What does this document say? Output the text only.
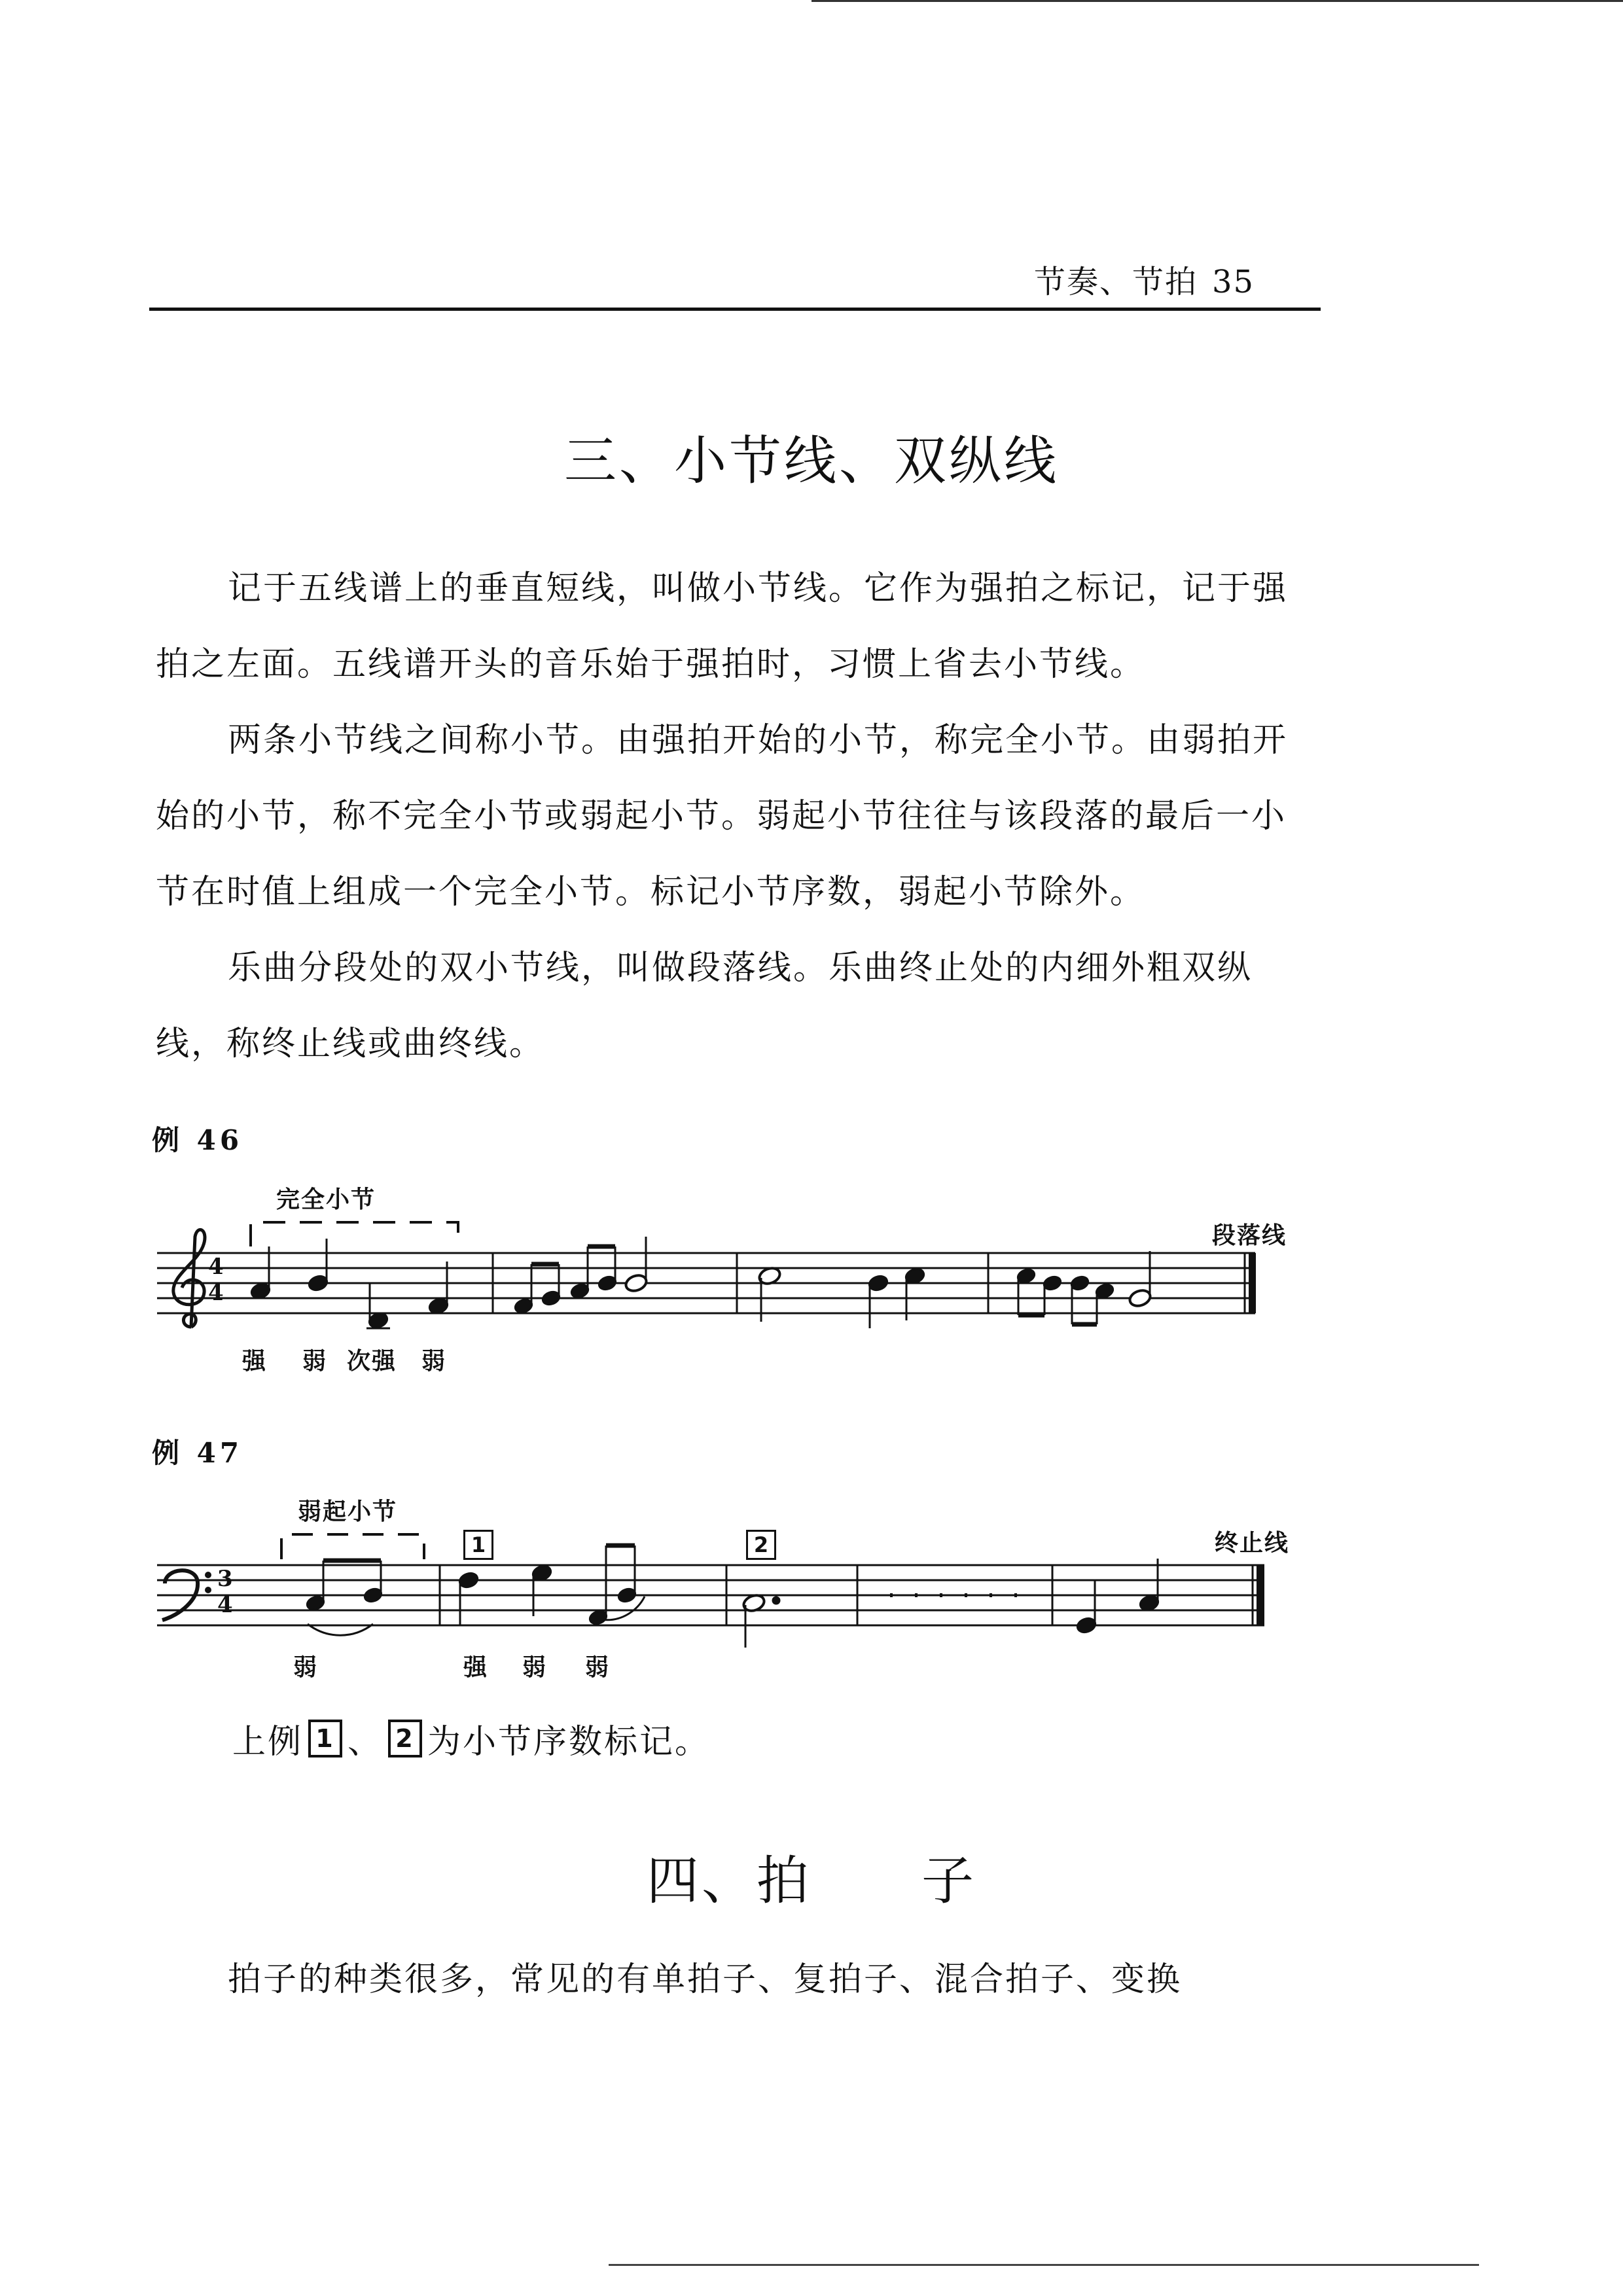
节奏、节拍 35
三、小节线、双纵线

记于五线谱上的垂直短线，叫做小节线。它作为强拍之标记，记于强拍之左面。五线谱开头的音乐始于强拍时，习惯上省去小节线。

两条小节线之间称小节。由强拍开始的小节，称完全小节。由弱拍开始的小节，称不完全小节或弱起小节。弱起小节往往与该段落的最后一小节在时值上组成一个完全小节。标记小节序数，弱起小节除外。

乐曲分段处的双小节线，叫做段落线。乐曲终止处的内细外粗双纵线，称终止线或曲终线。

例 46
完全小节
段落线
强 弱 次强 弱
4
4
例 47
弱起小节
终止线
1	2
弱	强 弱 弱
3
4
上例 1 、 2 为小节序数标记。
四、拍　　子

拍子的种类很多，常见的有单拍子、复拍子、混合拍子、变换
